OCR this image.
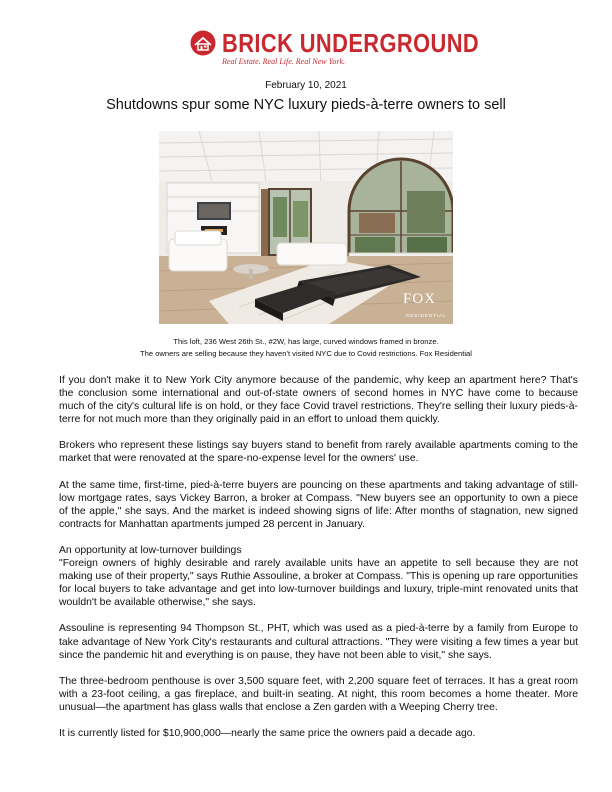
BRICK UNDERGROUND
Real Estate. Real Life. Real New York.
February 10, 2021
Shutdowns spur some NYC luxury pieds-à-terre owners to sell
FOX
RESIDENTIAL
This loft, 236 West 26th St., #2W, has large, curved windows framed in bronze.
The owners are selling because they haven't visited NYC due to Covid restrictions. Fox Residential

If you don't make it to New York City anymore because of the pandemic, why keep an apartment here? That's the conclusion some international and out-of-state owners of second homes in NYC have come to because much of the city's cultural life is on hold, or they face Covid travel restrictions. They're selling their luxury pieds-à-terre for not much more than they originally paid in an effort to unload them quickly.

Brokers who represent these listings say buyers stand to benefit from rarely available apartments coming to the market that were renovated at the spare-no-expense level for the owners' use.

At the same time, first-time, pied-à-terre buyers are pouncing on these apartments and taking advantage of still-low mortgage rates, says Vickey Barron, a broker at Compass. "New buyers see an opportunity to own a piece of the apple," she says. And the market is indeed showing signs of life: After months of stagnation, new signed contracts for Manhattan apartments jumped 28 percent in January.

An opportunity at low-turnover buildings

"Foreign owners of highly desirable and rarely available units have an appetite to sell because they are not making use of their property," says Ruthie Assouline, a broker at Compass. "This is opening up rare opportunities for local buyers to take advantage and get into low-turnover buildings and luxury, triple-mint renovated units that wouldn't be available otherwise," she says.

Assouline is representing 94 Thompson St., PHT, which was used as a pied-à-terre by a family from Europe to take advantage of New York City's restaurants and cultural attractions. "They were visiting a few times a year but since the pandemic hit and everything is on pause, they have not been able to visit," she says.

The three-bedroom penthouse is over 3,500 square feet, with 2,200 square feet of terraces. It has a great room with a 23-foot ceiling, a gas fireplace, and built-in seating. At night, this room becomes a home theater. More unusual—the apartment has glass walls that enclose a Zen garden with a Weeping Cherry tree.

It is currently listed for $10,900,000—nearly the same price the owners paid a decade ago.
